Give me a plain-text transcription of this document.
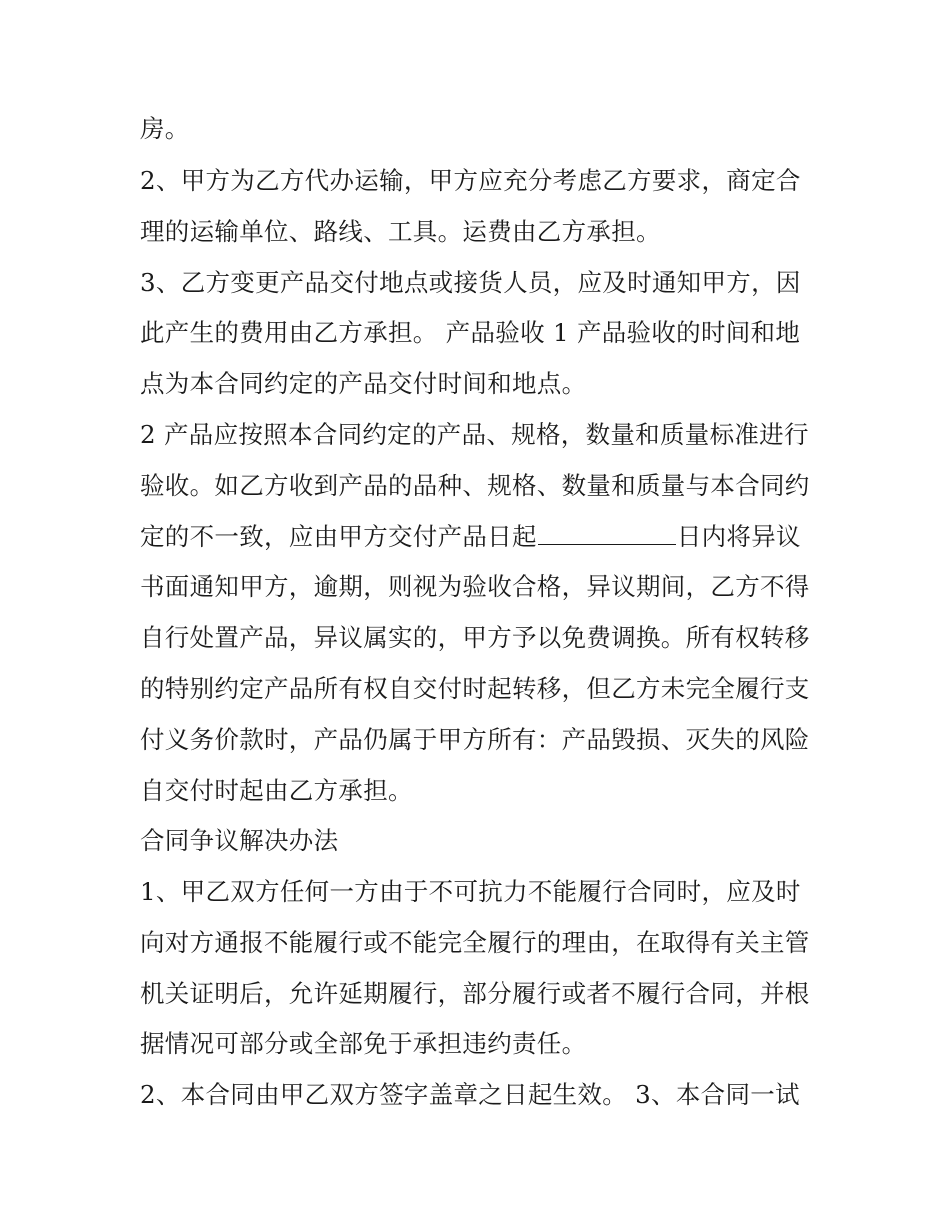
房。
2、甲方为乙方代办运输，甲方应充分考虑乙方要求，商定合
理的运输单位、路线、工具。运费由乙方承担。
3、乙方变更产品交付地点或接货人员，应及时通知甲方，因
此产生的费用由乙方承担。 产品验收 1 产品验收的时间和地
点为本合同约定的产品交付时间和地点。
2 产品应按照本合同约定的产品、规格，数量和质量标准进行
验收。如乙方收到产品的品种、规格、数量和质量与本合同约
定的不一致，应由甲方交付产品日起	日内将异议
书面通知甲方，逾期，则视为验收合格，异议期间，乙方不得
自行处置产品，异议属实的，甲方予以免费调换。所有权转移
的特别约定产品所有权自交付时起转移，但乙方未完全履行支
付义务价款时，产品仍属于甲方所有：产品毁损、灭失的风险
自交付时起由乙方承担。
合同争议解决办法
1、甲乙双方任何一方由于不可抗力不能履行合同时，应及时
向对方通报不能履行或不能完全履行的理由，在取得有关主管
机关证明后，允许延期履行，部分履行或者不履行合同，并根
据情况可部分或全部免于承担违约责任。
2、本合同由甲乙双方签字盖章之日起生效。 3、本合同一试
